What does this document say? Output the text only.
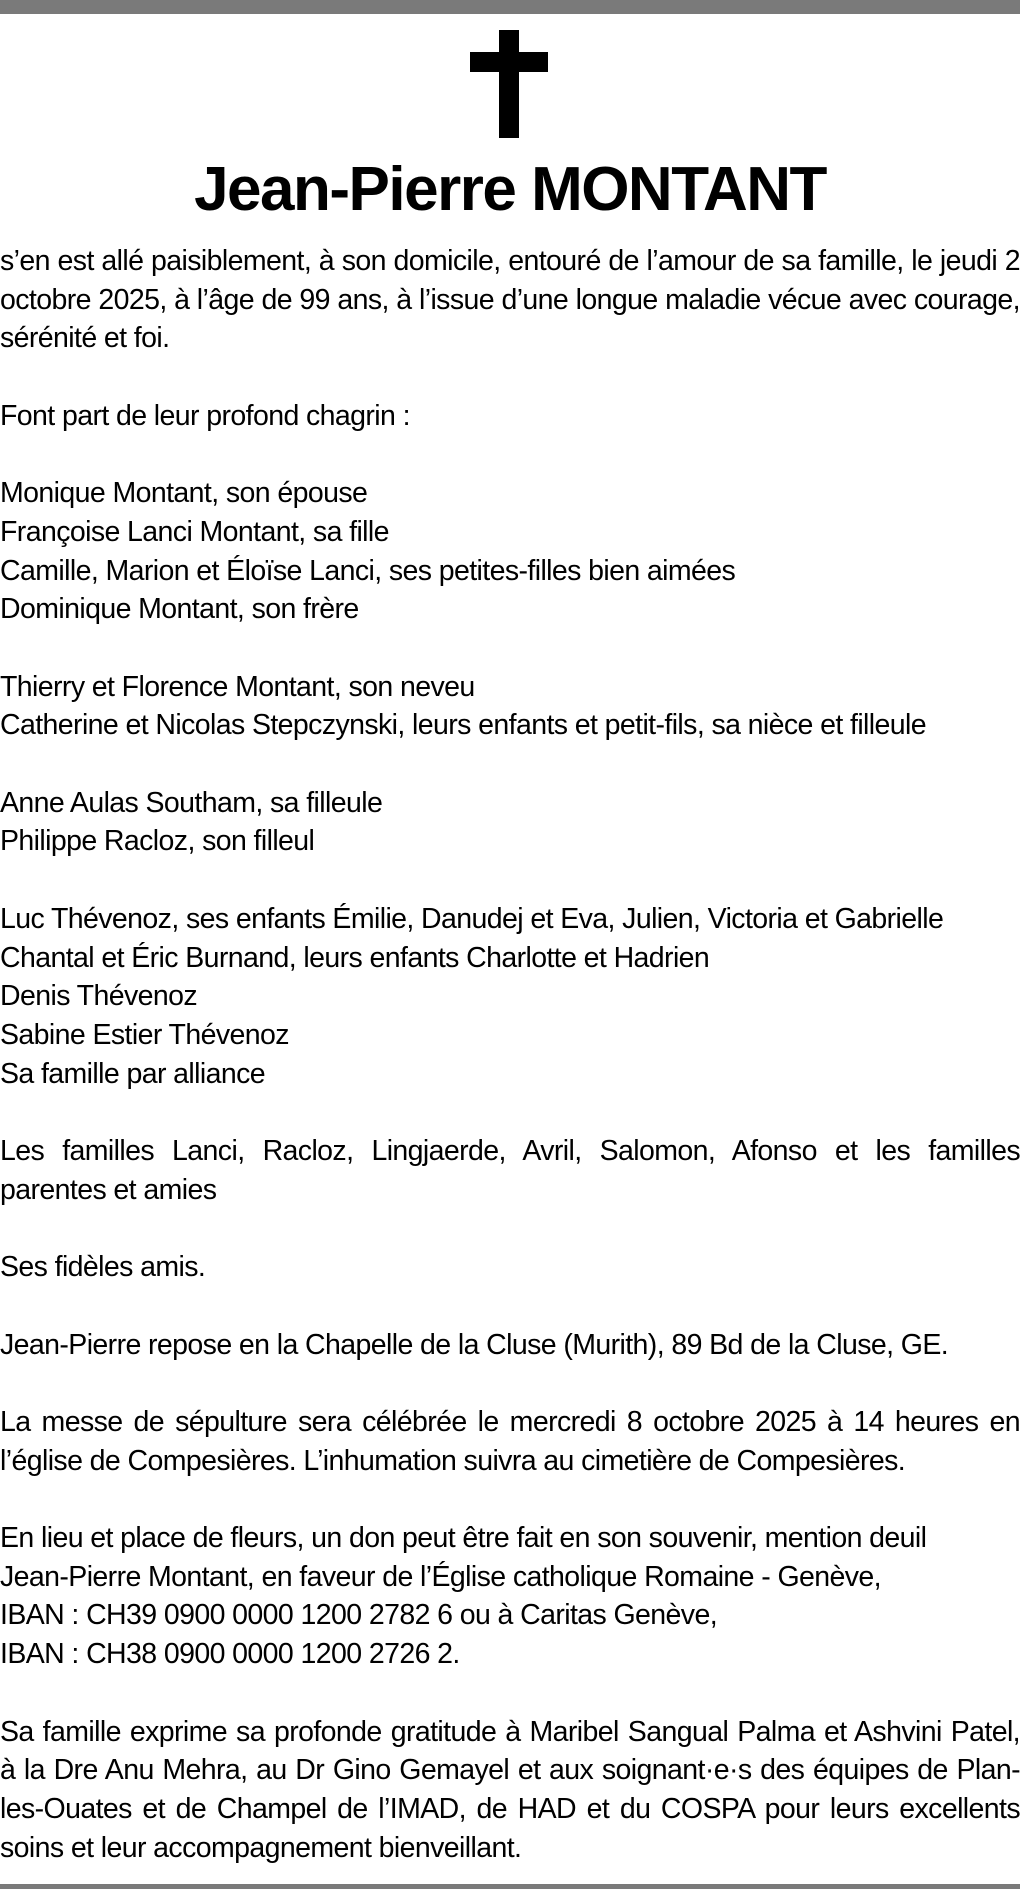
Jean-Pierre MONTANT
s’en est allé paisiblement, à son domicile, entouré de l’amour de sa famille, le jeudi 2 octobre 2025, à l’âge de 99 ans, à l’issue d’une longue maladie vécue avec courage, sérénité et foi.
Font part de leur profond chagrin :
Monique Montant, son épouse
Françoise Lanci Montant, sa fille
Camille, Marion et Éloïse Lanci, ses petites-filles bien aimées
Dominique Montant, son frère
Thierry et Florence Montant, son neveu
Catherine et Nicolas Stepczynski, leurs enfants et petit-fils, sa nièce et filleule
Anne Aulas Southam, sa filleule
Philippe Racloz, son filleul
Luc Thévenoz, ses enfants Émilie, Danudej et Eva, Julien, Victoria et Gabrielle
Chantal et Éric Burnand, leurs enfants Charlotte et Hadrien
Denis Thévenoz
Sabine Estier Thévenoz
Sa famille par alliance
Les familles Lanci, Racloz, Lingjaerde, Avril, Salomon, Afonso et les familles parentes et amies
Ses fidèles amis.
Jean-Pierre repose en la Chapelle de la Cluse (Murith), 89 Bd de la Cluse, GE.
La messe de sépulture sera célébrée le mercredi 8 octobre 2025 à 14 heures en l’église de Compesières. L’inhumation suivra au cimetière de Compesières.
En lieu et place de fleurs, un don peut être fait en son souvenir, mention deuil
Jean-Pierre Montant, en faveur de l’Église catholique Romaine - Genève,
IBAN : CH39 0900 0000 1200 2782 6 ou à Caritas Genève,
IBAN : CH38 0900 0000 1200 2726 2.
Sa famille exprime sa profonde gratitude à Maribel Sangual Palma et Ashvini Patel, à la Dre Anu Mehra, au Dr Gino Gemayel et aux soignant·e·s des équipes de Plan-les-Ouates et de Champel de l’IMAD, de HAD et du COSPA pour leurs excellents soins et leur accompagnement bienveillant.
